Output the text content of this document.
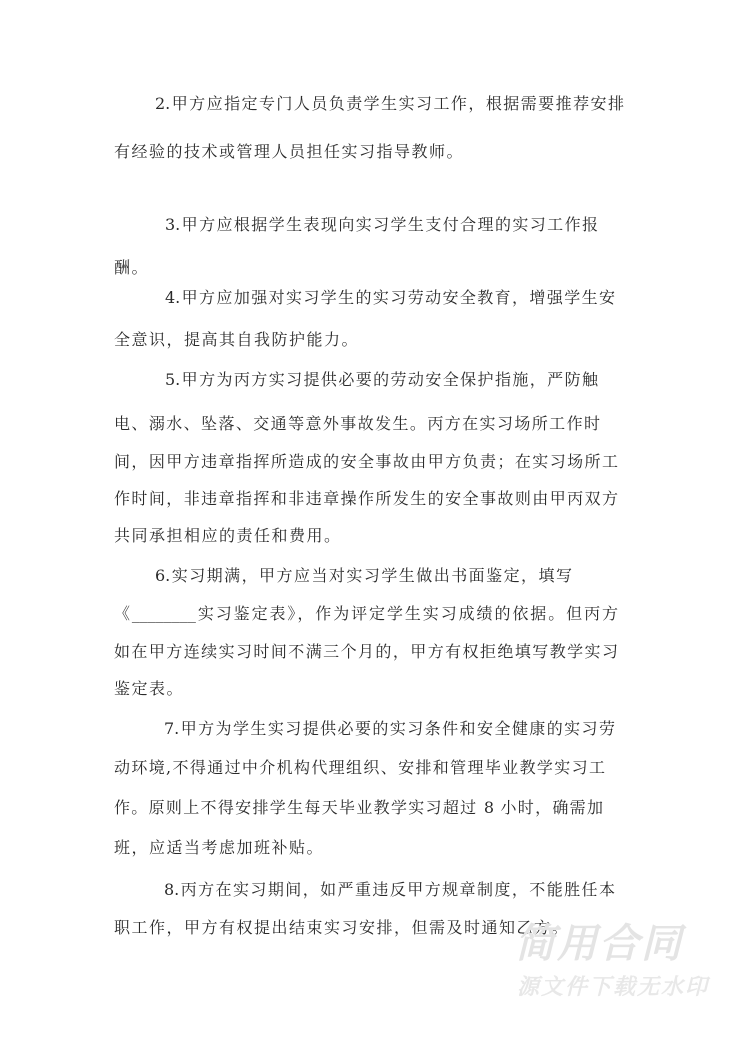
2.甲方应指定专门人员负责学生实习工作，根据需要推荐安排
有经验的技术或管理人员担任实习指导教师。
3.甲方应根据学生表现向实习学生支付合理的实习工作报
酬。
4.甲方应加强对实习学生的实习劳动安全教育，增强学生安
全意识，提高其自我防护能力。
5.甲方为丙方实习提供必要的劳动安全保护指施，严防触
电、溺水、坠落、交通等意外事故发生。丙方在实习场所工作时
间，因甲方违章指挥所造成的安全事故由甲方负责；在实习场所工
作时间，非违章指挥和非违章操作所发生的安全事故则由甲丙双方
共同承担相应的责任和费用。
6.实习期满，甲方应当对实习学生做出书面鉴定，填写
《________实习鉴定表》，作为评定学生实习成绩的依据。但丙方
如在甲方连续实习时间不满三个月的，甲方有权拒绝填写教学实习
鉴定表。
7.甲方为学生实习提供必要的实习条件和安全健康的实习劳
动环境,不得通过中介机构代理组织、安排和管理毕业教学实习工
作。原则上不得安排学生每天毕业教学实习超过 8 小时，确需加
班，应适当考虑加班补贴。
8.丙方在实习期间，如严重违反甲方规章制度，不能胜任本
职工作，甲方有权提出结束实习安排，但需及时通知乙方。
简用合同
源文件下载无水印
